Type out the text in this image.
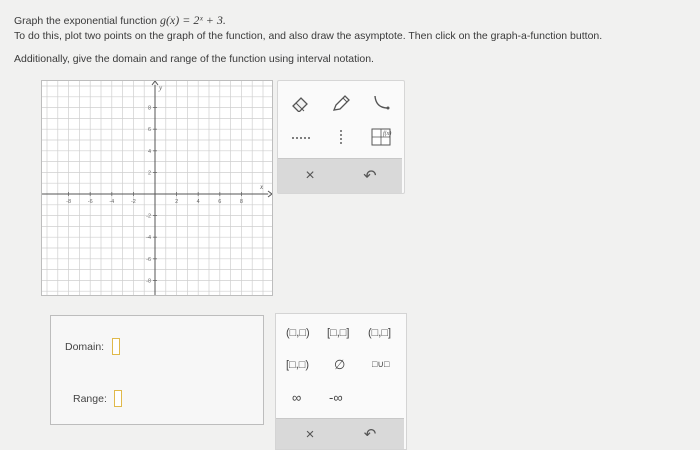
Graph the exponential function g(x) = 2ˣ + 3.
To do this, plot two points on the graph of the function, and also draw the asymptote. Then click on the graph-a-function button.
Additionally, give the domain and range of the function using interval notation.
x
y
-8	-6	-4	-2	2	4	6	8
8
6
4
2
-2
-4
-6
-8
f(x)
×	↶
Domain:
Range:
(□,□) [□,□] (□,□]
[□,□) ∅	□∪□
∞ -∞
×	↶
